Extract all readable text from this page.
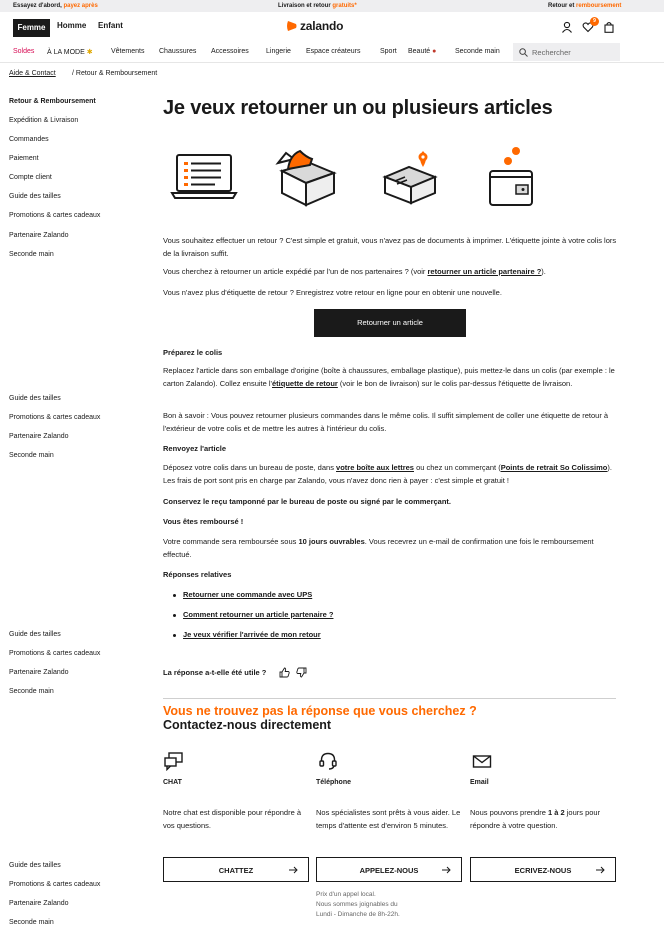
Essayez d'abord, payez après	Livraison et retour gratuits*	Retour et remboursement
Femme	Homme Enfant	zalando	9
Soldes À LA MODE ✱	Vêtements Chaussures Accessoires Lingerie Espace créateurs	Sport Beauté ●	Seconde main
Rechercher
Aide & Contact / Retour & Remboursement
Retour & Remboursement
Expédition & Livraison
Commandes
Paiement
Compte client
Guide des tailles
Promotions & cartes cadeaux
Partenaire Zalando
Seconde main
Guide des tailles
Promotions & cartes cadeaux
Partenaire Zalando
Seconde main
Guide des tailles
Promotions & cartes cadeaux
Partenaire Zalando
Seconde main
Guide des tailles
Promotions & cartes cadeaux
Partenaire Zalando
Seconde main
Je veux retourner un ou plusieurs articles

Vous souhaitez effectuer un retour ? C'est simple et gratuit, vous n'avez pas de documents à imprimer. L'étiquette jointe à votre colis lors de la livraison suffit.

Vous cherchez à retourner un article expédié par l'un de nos partenaires ? (voir retourner un article partenaire ?).

Vous n'avez plus d'étiquette de retour ? Enregistrez votre retour en ligne pour en obtenir une nouvelle.

Retourner un article

Préparez le colis

Replacez l'article dans son emballage d'origine (boîte à chaussures, emballage plastique), puis mettez-le dans un colis (par exemple : le carton Zalando). Collez ensuite l'étiquette de retour (voir le bon de livraison) sur le colis par-dessus l'étiquette de livraison.

Bon à savoir : Vous pouvez retourner plusieurs commandes dans le même colis. Il suffit simplement de coller une étiquette de retour à l'extérieur de votre colis et de mettre les autres à l'intérieur du colis.

Renvoyez l'article

Déposez votre colis dans un bureau de poste, dans votre boîte aux lettres ou chez un commerçant (Points de retrait So Colissimo). Les frais de port sont pris en charge par Zalando, vous n'avez donc rien à payer : c'est simple et gratuit !

Conservez le reçu tamponné par le bureau de poste ou signé par le commerçant.

Vous êtes remboursé !

Votre commande sera remboursée sous 10 jours ouvrables. Vous recevrez un e-mail de confirmation une fois le remboursement effectué.

Réponses relatives

Retourner une commande avec UPS
Comment retourner un article partenaire ?
Je veux vérifier l'arrivée de mon retour

La réponse a-t-elle été utile ?

Vous ne trouvez pas la réponse que vous cherchez ?
Contactez-nous directement
CHAT	Téléphone	Email

Notre chat est disponible pour répondre à vos questions.

Nos spécialistes sont prêts à vous aider. Le temps d'attente est d'environ 5 minutes.

Nous pouvons prendre 1 à 2 jours pour répondre à votre question.

CHATTEZ	APPELEZ-NOUS	ECRIVEZ-NOUS
Prix d'un appel local.
Nous sommes joignables du
Lundi - Dimanche de 8h-22h.
